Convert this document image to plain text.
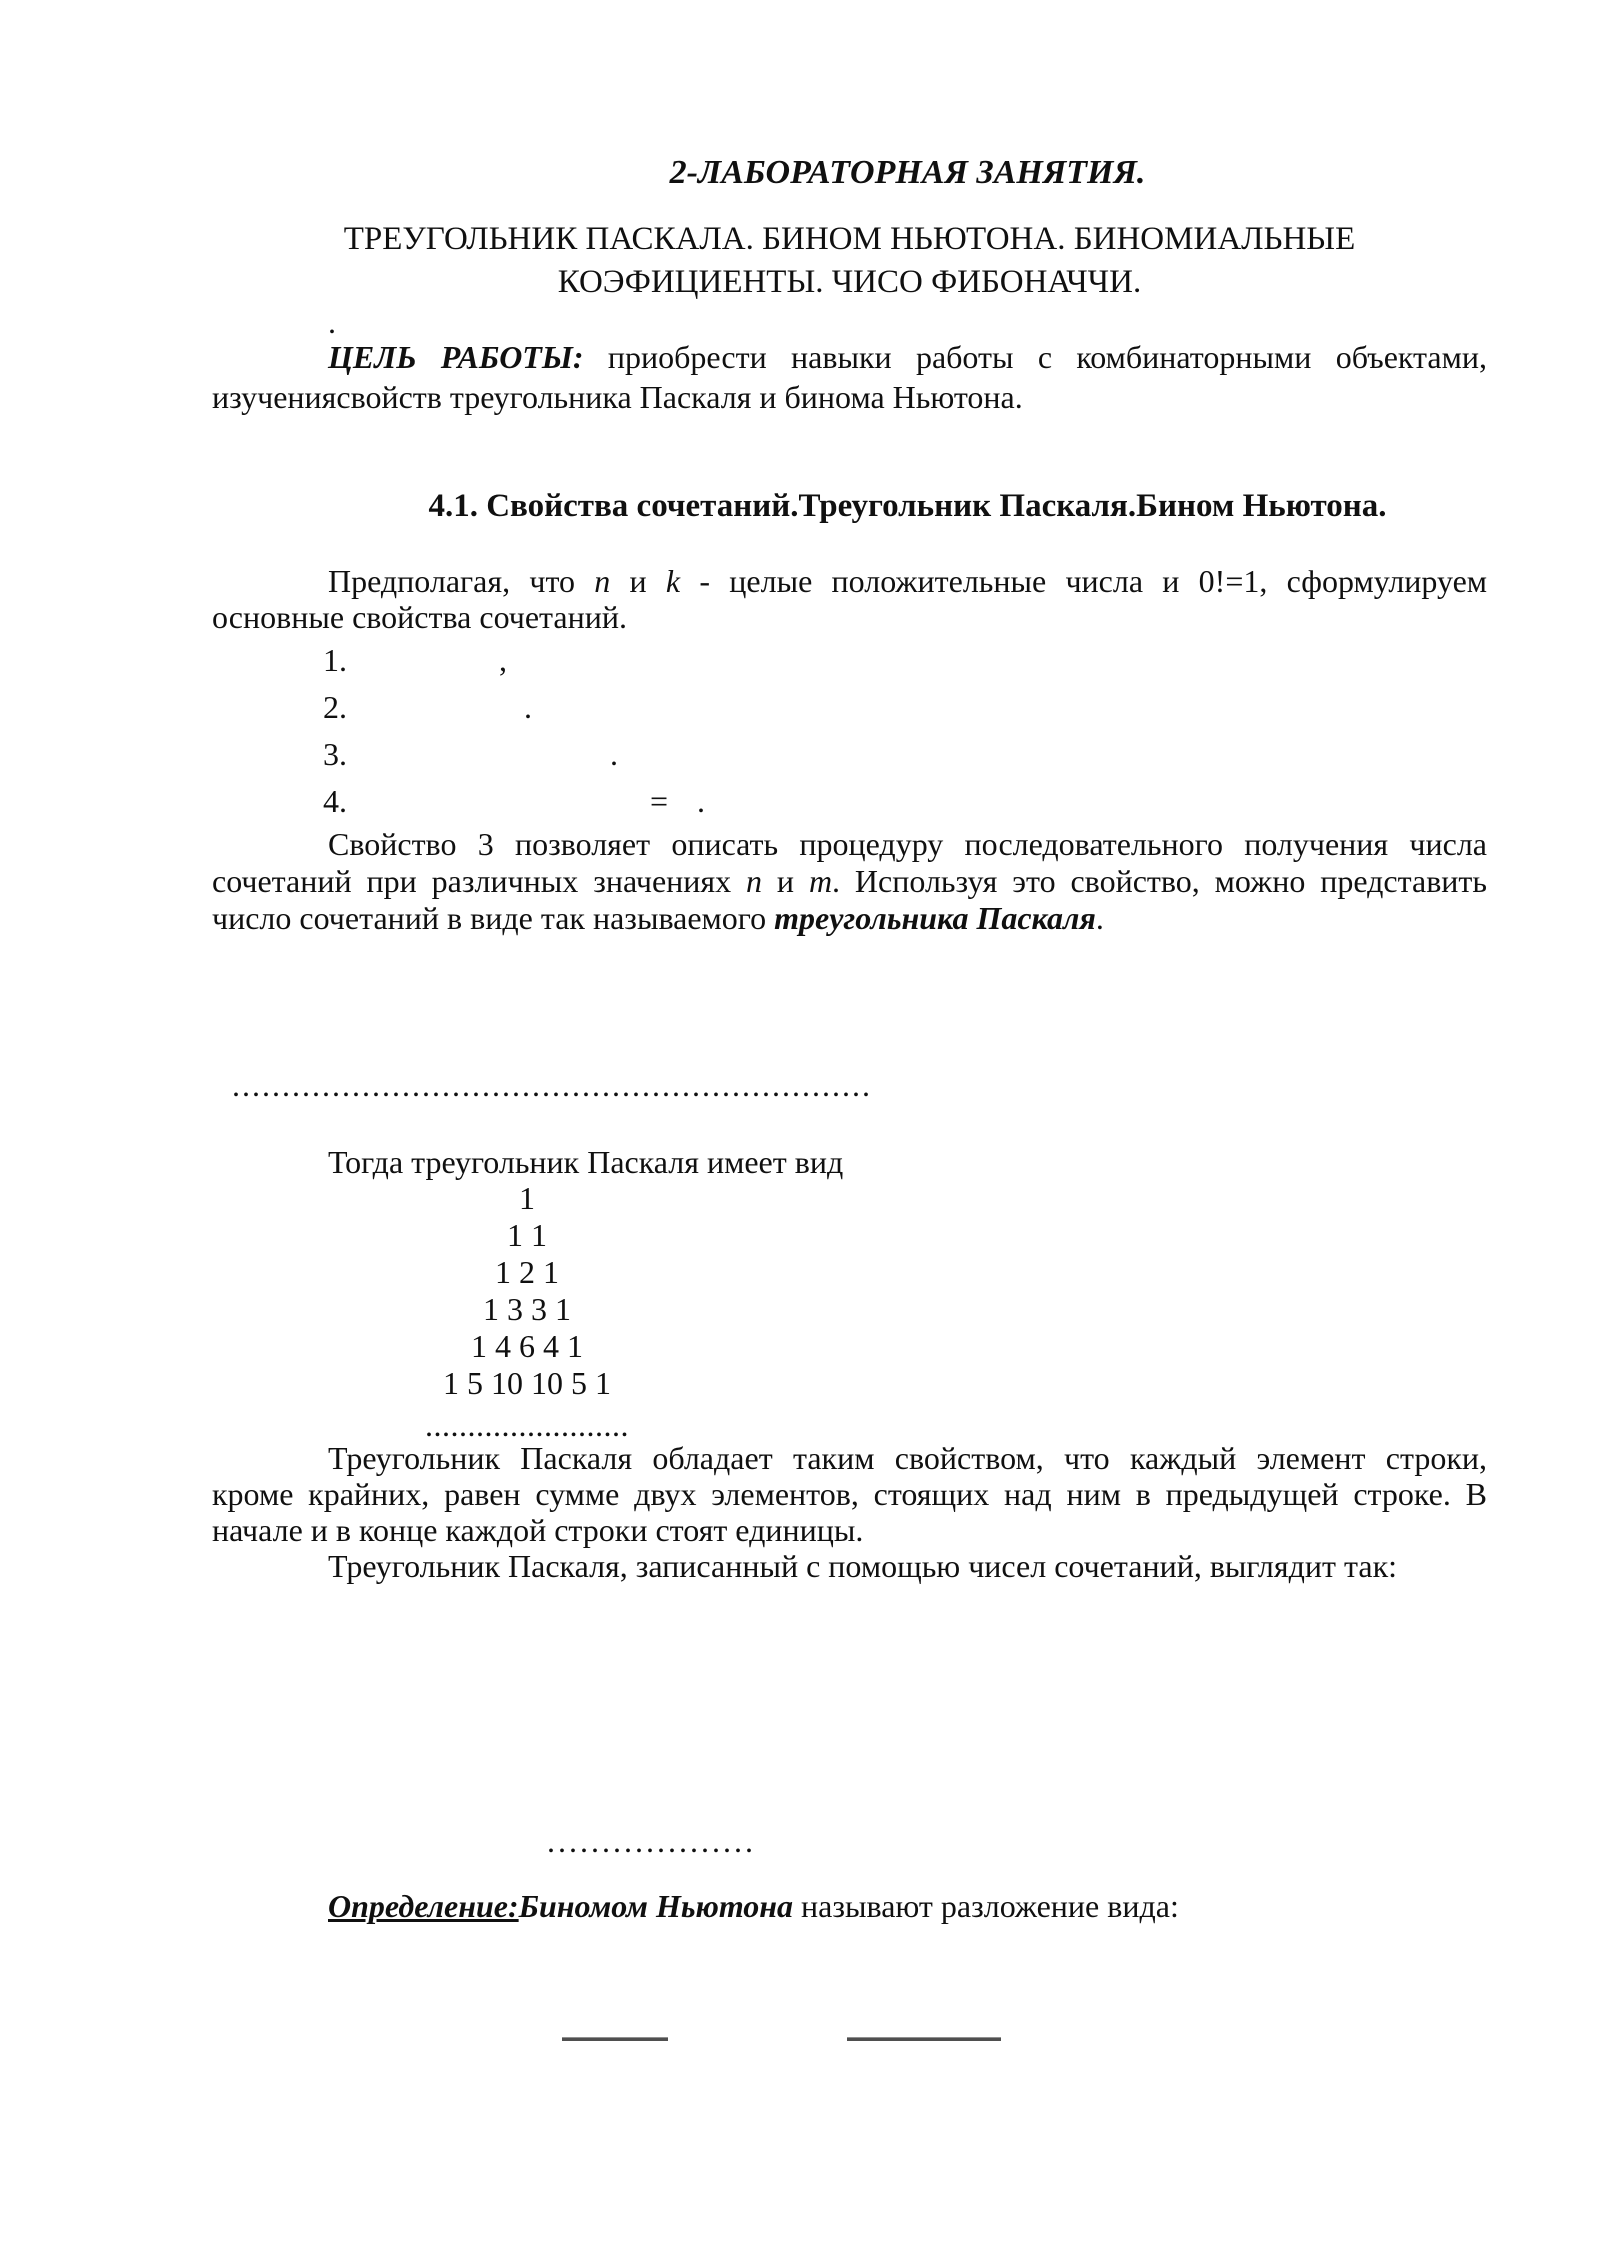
2-ЛАБОРАТОРНАЯ ЗАНЯТИЯ.
ТРЕУГОЛЬНИК ПАСКАЛА. БИНОМ НЬЮТОНА. БИНОМИАЛЬНЫЕ
КОЭФИЦИЕНТЫ. ЧИСО ФИБОНАЧЧИ.
.
ЦЕЛЬ РАБОТЫ: приобрести навыки работы с комбинаторными объектами,
изучениясвойств треугольника Паскаля и бинома Ньютона.
4.1. Свойства сочетаний.Треугольник Паскаля.Бином Ньютона.
Предполагая, что n и k - целые положительные числа и 0!=1, сформулируем
основные свойства сочетаний.
1.	,
2.	.
3.	.
4.	= .
Свойство 3 позволяет описать процедуру последовательного получения числа
сочетаний при различных значениях n и m. Используя это свойство, можно представить
число сочетаний в виде так называемого треугольника Паскаля.
................................................................
Тогда треугольник Паскаля имеет вид
1
1 1
1 2 1
1 3 3 1
1 4 6 4 1
1 5 10 10 5 1
........................
Треугольник Паскаля обладает таким свойством, что каждый элемент строки,
кроме крайних, равен сумме двух элементов, стоящих над ним в предыдущей строке. В
начале и в конце каждой строки стоят единицы.
Треугольник Паскаля, записанный с помощью чисел сочетаний, выглядит так:
...................
Определение:Биномом Ньютона называют разложение вида:
